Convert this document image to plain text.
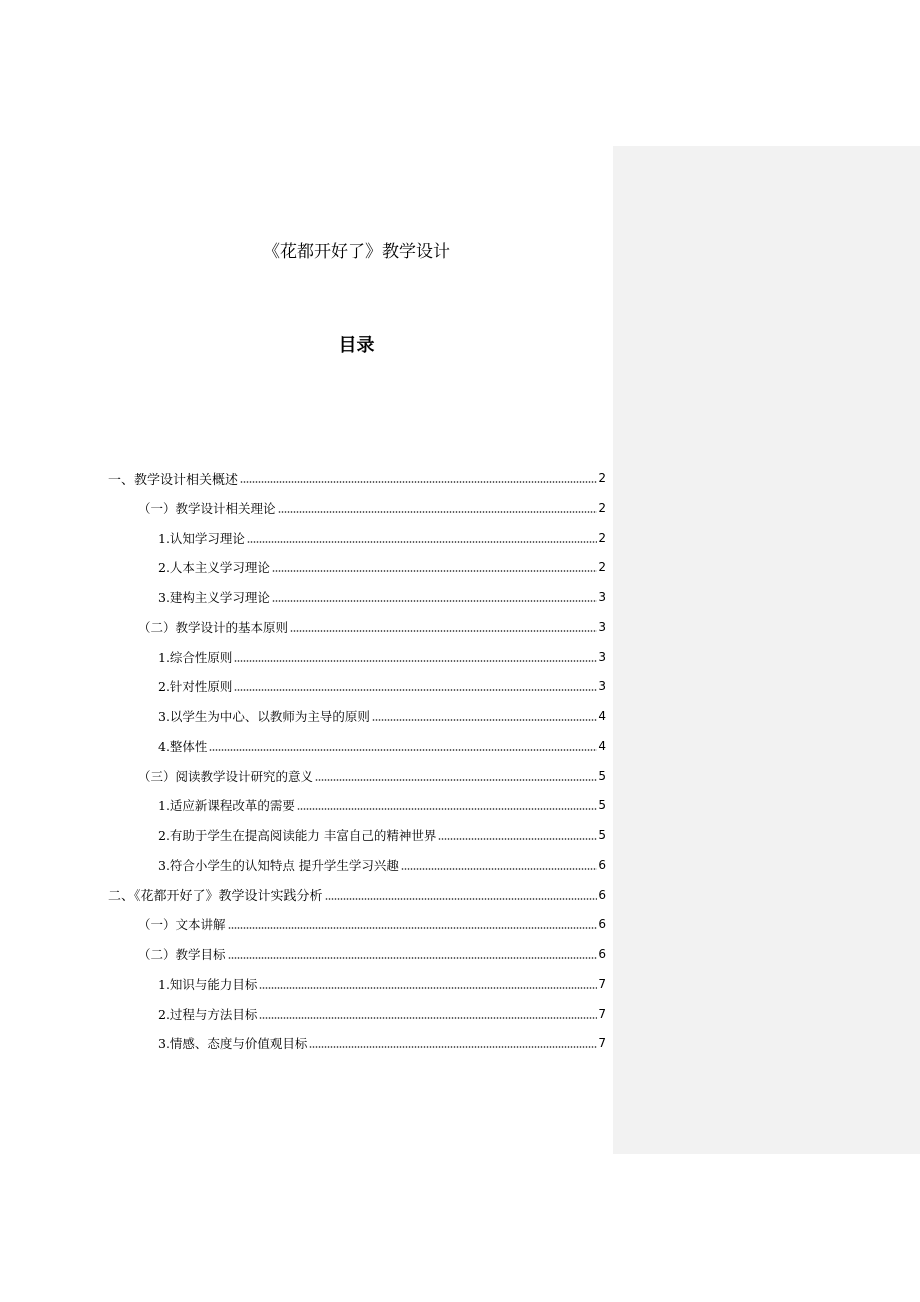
《花都开好了》教学设计
目录
一、教学设计相关概述	2
（一）教学设计相关理论	2
1.认知学习理论	2
2.人本主义学习理论	2
3.建构主义学习理论	3
（二）教学设计的基本原则	3
1.综合性原则	3
2.针对性原则	3
3.以学生为中心、以教师为主导的原则	4
4.整体性	4
（三）阅读教学设计研究的意义	5
1.适应新课程改革的需要	5
2.有助于学生在提高阅读能力 丰富自己的精神世界	5
3.符合小学生的认知特点 提升学生学习兴趣	6
二、《花都开好了》教学设计实践分析	6
（一）文本讲解	6
（二）教学目标	6
1.知识与能力目标	7
2.过程与方法目标	7
3.情感、态度与价值观目标	7
